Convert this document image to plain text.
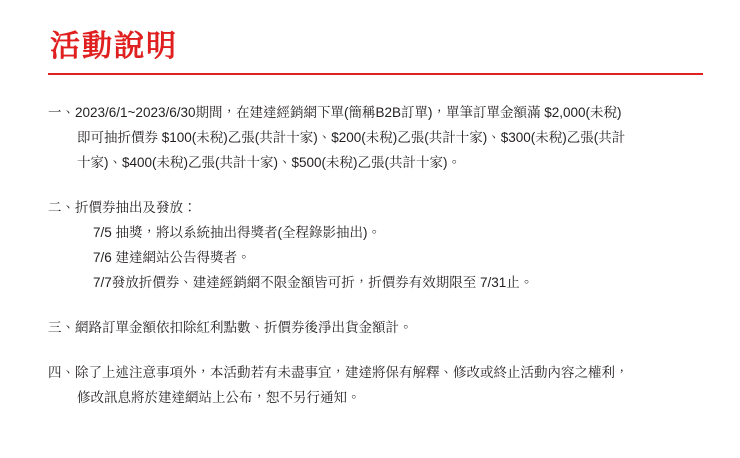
活動說明
一、 2023/6/1~2023/6/30期間，在建達經銷網下單(簡稱B2B訂單)，單筆訂單金額滿 $2,000(未稅)

即可抽折價券 $100(未稅)乙張(共計十家)、$200(未稅)乙張(共計十家)、$300(未稅)乙張(共計

十家)、$400(未稅)乙張(共計十家)、$500(未稅)乙張(共計十家)。

二、 折價券抽出及發放：

7/5 抽獎，將以系統抽出得獎者(全程錄影抽出)。
7/6 建達網站公告得獎者。
7/7發放折價券、建達經銷網不限金額皆可折，折價券有效期限至 7/31止。
三、 網路訂單金額依扣除紅利點數、折價券後淨出貨金額計。

四、 除了上述注意事項外，本活動若有未盡事宜，建達將保有解釋、修改或終止活動內容之權利，

修改訊息將於建達網站上公布，恕不另行通知。
